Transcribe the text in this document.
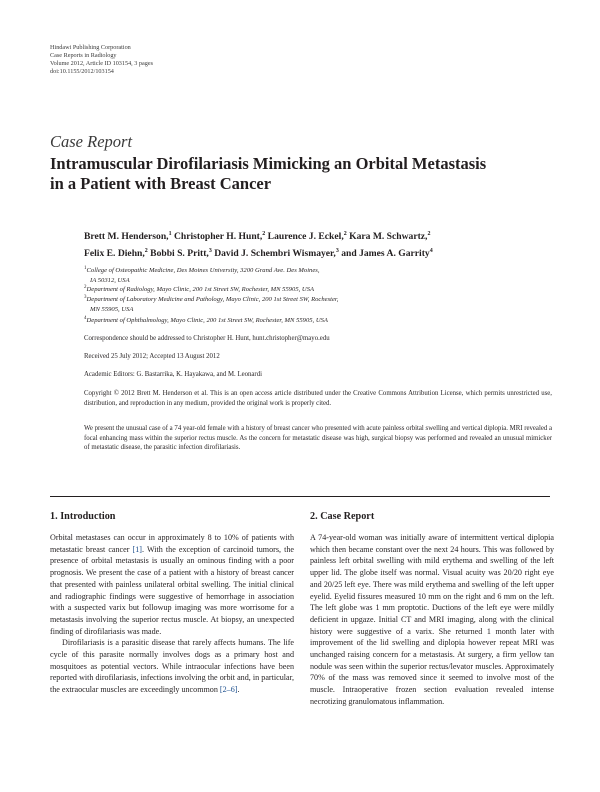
Hindawi Publishing Corporation
Case Reports in Radiology
Volume 2012, Article ID 103154, 3 pages
doi:10.1155/2012/103154
Case Report
Intramuscular Dirofilariasis Mimicking an Orbital Metastasis
in a Patient with Breast Cancer
Brett M. Henderson,$^1$ Christopher H. Hunt,$^2$ Laurence J. Eckel,$^2$ Kara M. Schwartz,$^2$
Felix E. Diehn,$^2$ Bobbi S. Pritt,$^3$ David J. Schembri Wismayer,$^3$ and James A. Garrity$^4$
$^1$College of Osteopathic Medicine, Des Moines University, 3200 Grand Ave. Des Moines,
IA 50312, USA
$^2$Department of Radiology, Mayo Clinic, 200 1st Street SW, Rochester, MN 55905, USA
$^3$Department of Laboratory Medicine and Pathology, Mayo Clinic, 200 1st Street SW, Rochester,
MN 55905, USA
$^4$Department of Ophthalmology, Mayo Clinic, 200 1st Street SW, Rochester, MN 55905, USA
Correspondence should be addressed to Christopher H. Hunt, hunt.christopher@mayo.edu
Received 25 July 2012; Accepted 13 August 2012
Academic Editors: G. Bastarrika, K. Hayakawa, and M. Leonardi
Copyright © 2012 Brett M. Henderson et al. This is an open access article distributed under the Creative Commons Attribution License, which permits unrestricted use, distribution, and reproduction in any medium, provided the original work is properly cited.
We present the unusual case of a 74 year-old female with a history of breast cancer who presented with acute painless orbital swelling and vertical diplopia. MRI revealed a focal enhancing mass within the superior rectus muscle. As the concern for metastatic disease was high, surgical biopsy was performed and revealed an unusual mimicker of metastatic disease, the parasitic infection dirofilariasis.
1. Introduction	2. Case Report

Orbital metastases can occur in approximately 8 to 10% of patients with metastatic breast cancer [1]. With the exception of carcinoid tumors, the presence of orbital metastasis is usually an ominous finding with a poor prognosis. We present the case of a patient with a history of breast cancer that presented with painless unilateral orbital swelling. The initial clinical and radiographic findings were suggestive of hemorrhage in association with a suspected varix but followup imaging was more worrisome for a metastasis involving the superior rectus muscle. At biopsy, an unexpected finding of dirofilariasis was made.

Dirofilariasis is a parasitic disease that rarely affects humans. The life cycle of this parasite normally involves dogs as a primary host and mosquitoes as potential vectors. While intraocular infections have been reported with dirofilariasis, infections involving the orbit and, in particular, the extraocular muscles are exceedingly uncommon [2–6].

A 74-year-old woman was initially aware of intermittent vertical diplopia which then became constant over the next 24 hours. This was followed by painless left orbital swelling with mild erythema and swelling of the left upper lid. The globe itself was normal. Visual acuity was 20/20 right eye and 20/25 left eye. There was mild erythema and swelling of the left upper eyelid. Eyelid fissures measured 10 mm on the right and 6 mm on the left. The left globe was 1 mm proptotic. Ductions of the left eye were mildly deficient in upgaze. Initial CT and MRI imaging, along with the clinical history were suggestive of a varix. She returned 1 month later with improvement of the lid swelling and diplopia however repeat MRI was unchanged raising concern for a metastasis. At surgery, a firm yellow tan nodule was seen within the superior rectus/levator muscles. Approximately 70% of the mass was removed since it seemed to involve most of the muscle. Intraoperative frozen section evaluation revealed intense necrotizing granulomatous inflammation.
